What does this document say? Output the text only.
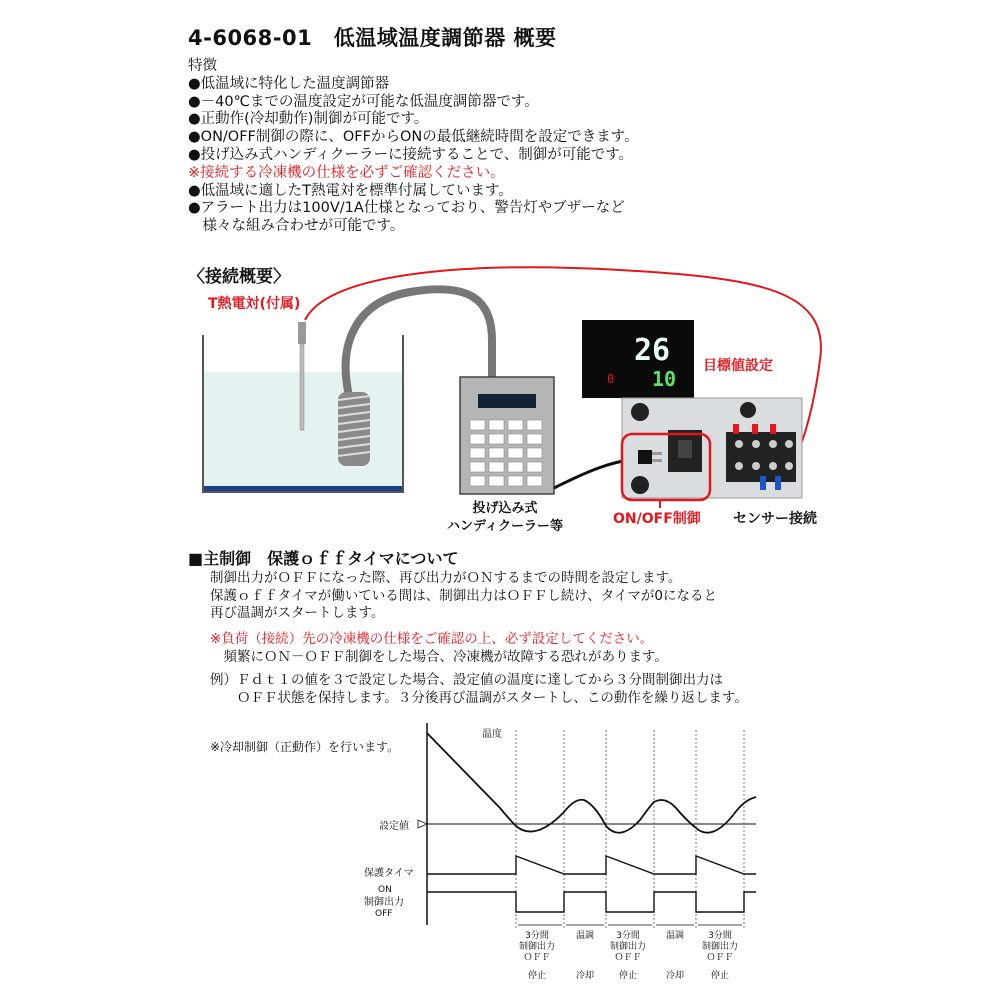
4-6068-01　低温域温度調節器 概要
特徴
●低温域に特化した温度調節器
●－40℃までの温度設定が可能な低温度調節器です。
●正動作(冷却動作)制御が可能です。
●ON/OFF制御の際に、OFFからONの最低継続時間を設定できます。
●投げ込み式ハンディクーラーに接続することで、制御が可能です。
※接続する冷凍機の仕様を必ずご確認ください。
●低温域に適したT熱電対を標準付属しています。
●アラート出力は100V/1A仕様となっており、警告灯やブザーなど
　様々な組み合わせが可能です。
〈接続概要〉
26
10
0
T熱電対(付属)
目標値設定
投げ込み式
ハンディクーラー等	ON/OFF制御 センサー接続
■主制御　保護ｏｆｆタイマについて
制御出力がＯＦＦになった際、再び出力がＯＮするまでの時間を設定します。
保護ｏｆｆタイマが働いている間は、制御出力はＯＦＦし続け、タイマが0になると
再び温調がスタートします。
※負荷（接続）先の冷凍機の仕様をご確認の上、必ず設定してください。
　頻繁にＯＮ－ＯＦＦ制御をした場合、冷凍機が故障する恐れがあります。
例）Ｆｄｔ１の値を３で設定した場合、設定値の温度に達してから３分間制御出力は
　　ＯＦＦ状態を保持します。３分後再び温調がスタートし、この動作を繰り返します。
※冷却制御（正動作）を行います。
温度
設定値
保護タイマ
ON
制御出力
OFF
3分間
制御出力
ＯＦＦ
停止
温調
冷却
3分間
制御出力
ＯＦＦ
停止
温調
冷却
3分間
制御出力
ＯＦＦ
停止
